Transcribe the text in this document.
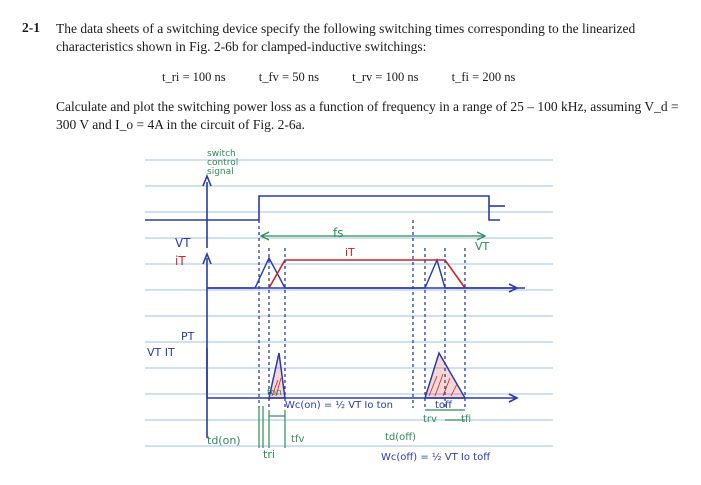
2-1 The data sheets of a switching device specify the following switching times corresponding to the linearized characteristics shown in Fig. 2-6b for clamped-inductive switchings:
t_ri = 100 ns	t_fv = 50 ns	t_rv = 100 ns	t_fi = 200 ns
Calculate and plot the switching power loss as a function of frequency in a range of 25 – 100 kHz, assuming V_d = 300 V and I_o = 4A in the circuit of Fig. 2-6a.
switch control signal
fs
VT
iT
VT
iT
PT
VT IT
Wc(on) = ½ VT Io ton	toff
ton
td(on)
tri
tfv	td(off)
trv tfi
Wc(off) = ½ VT Io toff
